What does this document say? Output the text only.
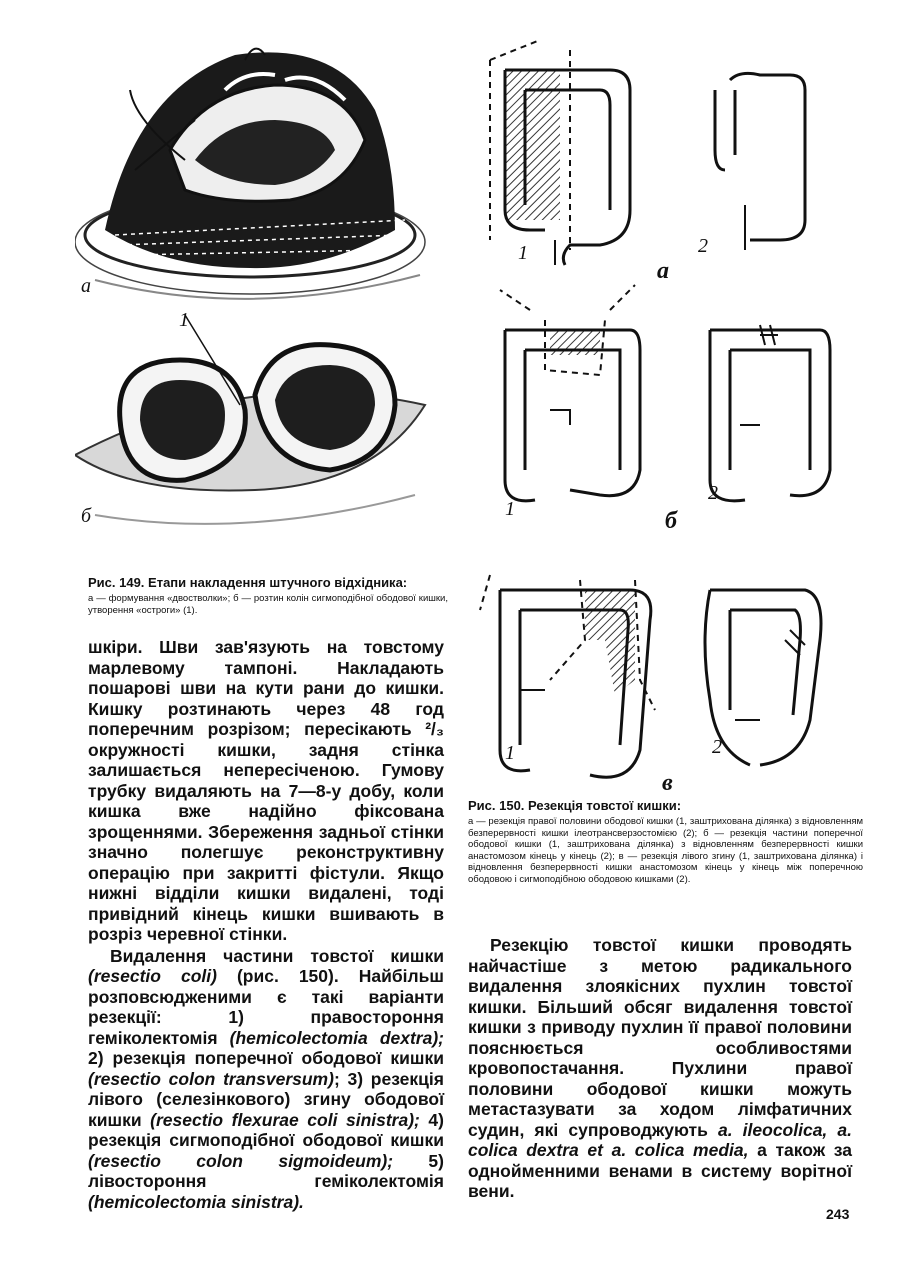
а
1
б
1	2
а
1
2
б
1	2
в
Рис. 149. Етапи накладення штучного відхідника:
а — формування «двостволки»; б — розтин колін сигмоподібної ободової кишки, утворення «остроги» (1).
Рис. 150. Резекція товстої кишки:
а — резекція правої половини ободової кишки (1, заштрихована ділянка) з відновленням безперервності кишки ілеотрансверзостомією (2); б — резекція частини поперечної ободової кишки (1, заштрихована ділянка) з відновленням безперервності кишки анастомозом кінець у кінець (2); в — резекція лівого згину (1, заштрихована ділянка) і відновлення безперервності кишки анастомозом кінець у кінець між поперечною ободовою і сигмоподібною ободовою кишками (2).

шкіри. Шви зав'язують на товстому марлевому тампоні. Накладають пошарові шви на кути рани до кишки. Кишку розтинають через 48 год поперечним розрізом; пересікають ²/₃ окружності кишки, задня стінка залишається непересіченою. Гумову трубку видаляють на 7—8-у добу, коли кишка вже надійно фіксована зрощеннями. Збереження задньої стінки значно полегшує реконструктивну операцію при закритті фістули. Якщо нижні відділи кишки видалені, тоді привідний кінець кишки вшивають в розріз черевної стінки.

Видалення частини товстої кишки (resectio coli) (рис. 150). Найбільш розповсюдженими є такі варіанти резекції: 1) правостороння геміколектомія (hemicolectomia dextra); 2) резекція поперечної ободової кишки (resectio colon transversum); 3) резекція лівого (селезінкового) згину ободової кишки (resectio flexurae coli sinistra); 4) резекція сигмоподібної ободової кишки (resectio colon sigmoideum); 5) лівостороння геміколектомія (hemicolectomia sinistra).

Резекцію товстої кишки проводять найчастіше з метою радикального видалення злоякісних пухлин товстої кишки. Більший обсяг видалення товстої кишки з приводу пухлин її правої половини пояснюється особливостями кровопостачання. Пухлини правої половини ободової кишки можуть метастазувати за ходом лімфатичних судин, які супроводжують a. ileocolica, a. colica dextra et a. colica media, а також за однойменними венами в систему ворітної вени.

243
